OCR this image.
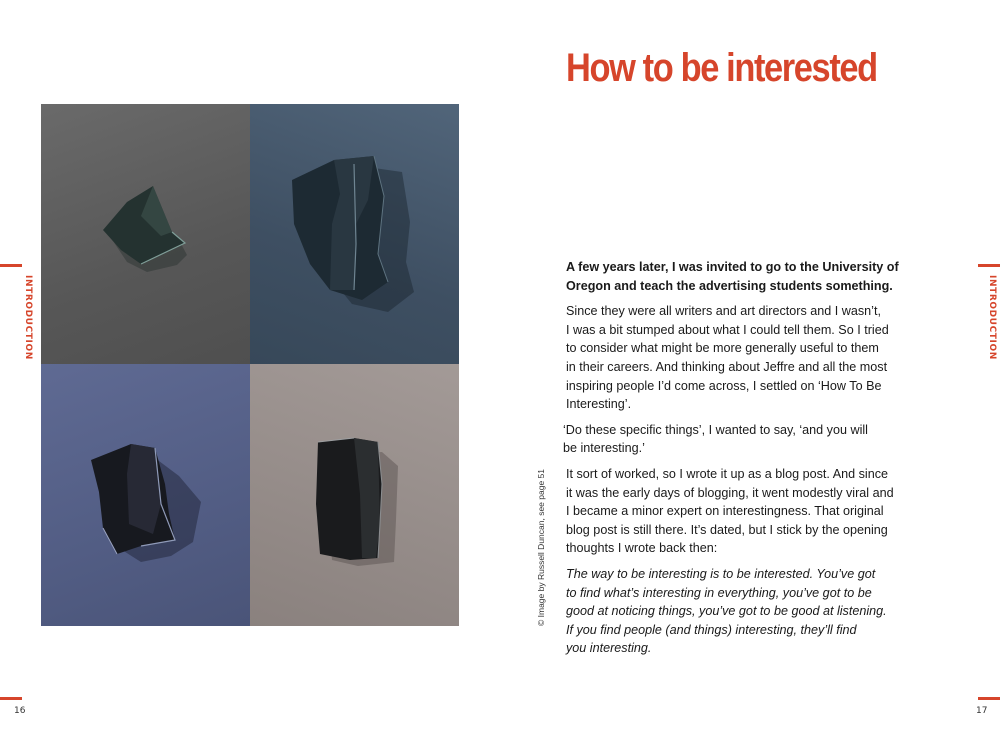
INTRODUCTION	INTRODUCTION
16	17
© Image by Russell Duncan, see page 51
How to be interested

A few years later, I was invited to go to the University of
Oregon and teach the advertising students something.

Since they were all writers and art directors and I wasn’t,
I was a bit stumped about what I could tell them. So I tried
to consider what might be more generally useful to them
in their careers. And thinking about Jeffre and all the most
inspiring people I’d come across, I settled on ‘How To Be
Interesting’.

‘Do these specific things’, I wanted to say, ‘and you will
be interesting.’

It sort of worked, so I wrote it up as a blog post. And since
it was the early days of blogging, it went modestly viral and
I became a minor expert on interestingness. That original
blog post is still there. It’s dated, but I stick by the opening
thoughts I wrote back then:

The way to be interesting is to be interested. You’ve got
to find what’s interesting in everything, you’ve got to be
good at noticing things, you’ve got to be good at listening.
If you find people (and things) interesting, they’ll find
you interesting.
